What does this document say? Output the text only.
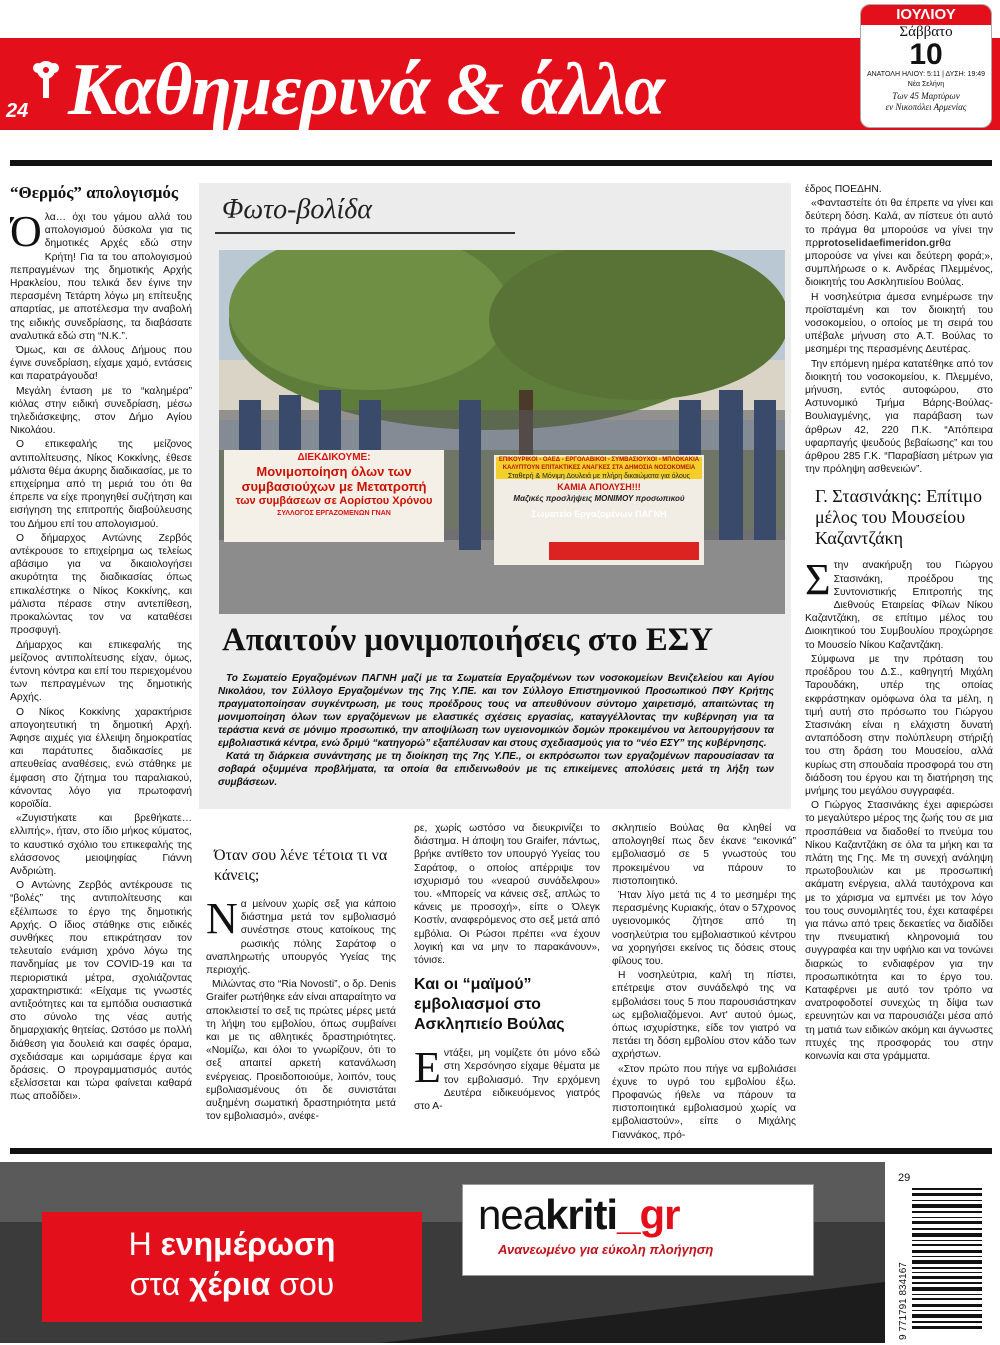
24 Καθημερινά & άλλα
ΙΟΥΛΙΟΥ
Σάββατο
10
ΑΝΑΤΟΛΗ ΗΛΙΟΥ: 5:11 | ΔΥΣΗ: 19:49
Νέα Σελήνη
Των 45 Μαρτύρων
εν Νικοπόλει Αρμενίας
“Θερμός” απολογισμός

Όλα… όχι του γάμου αλλά του απολογισμού δύσκολα για τις δημοτικές Αρχές εδώ στην Κρήτη! Για τα του απολογισμού πεπραγμένων της δημοτικής Αρχής Ηρακλείου, που τελικά δεν έγινε την περασμένη Τετάρτη λόγω μη επίτευξης απαρτίας, με αποτέλεσμα την αναβολή της ειδικής συνεδρίασης, τα διαβάσατε αναλυτικά εδώ στη “Ν.Κ.”.

Όμως, και σε άλλους Δήμους που έγινε συνεδρίαση, είχαμε χαμό, εντάσεις και παρατράγουδα!

Μεγάλη ένταση με το “καλημέρα” κιόλας στην ειδική συνεδρίαση, μέσω τηλεδιάσκεψης, στον Δήμο Αγίου Νικολάου.

Ο επικεφαλής της μείζονος αντιπολίτευσης, Νίκος Κοκκίνης, έθεσε μάλιστα θέμα άκυρης διαδικασίας, με το επιχείρημα από τη μεριά του ότι θα έπρεπε να είχε προηγηθεί συζήτηση και εισήγηση της επιτροπής διαβούλευσης του Δήμου επί του απολογισμού.

Ο δήμαρχος Αντώνης Ζερβός αντέκρουσε το επιχείρημα ως τελείως αβάσιμο για να δικαιολογήσει ακυρότητα της διαδικασίας όπως επικαλέστηκε ο Νίκος Κοκκίνης, και μάλιστα πέρασε στην αντεπίθεση, προκαλώντας τον να καταθέσει προσφυγή.

Δήμαρχος και επικεφαλής της μείζονος αντιπολίτευσης είχαν, όμως, έντονη κόντρα και επί του περιεχομένου των πεπραγμένων της δημοτικής Αρχής.

Ο Νίκος Κοκκίνης χαρακτήρισε απογοητευτική τη δημοτική Αρχή. Άφησε αιχμές για έλλειψη δημοκρατίας και παράτυπες διαδικασίες με απευθείας αναθέσεις, ενώ στάθηκε με έμφαση στο ζήτημα του παραλιακού, κάνοντας λόγο για πρωτοφανή κοροϊδία.

«Ζυγιστήκατε και βρεθήκατε… ελλιπής», ήταν, στο ίδιο μήκος κύματος, το καυστικό σχόλιο του επικεφαλής της ελάσσονος μειοψηφίας Γιάννη Ανδριώτη.

Ο Αντώνης Ζερβός αντέκρουσε τις “βολές” της αντιπολίτευσης και εξέλιπωσε το έργο της δημοτικής Αρχής. Ο ίδιος στάθηκε στις ειδικές συνθήκες που επικράτησαν τον τελευταίο ενάμιση χρόνο λόγω της πανδημίας με τον COVID-19 και τα περιοριστικά μέτρα, σχολιάζοντας χαρακτηριστικά: «Είχαμε τις γνωστές αντιξοότητες και τα εμπόδια ουσιαστικά στο σύνολο της νέας αυτής δημαρχιακής θητείας. Ωστόσο με πολλή διάθεση για δουλειά και σαφές όραμα, σχεδιάσαμε και ωριμάσαμε έργα και δράσεις. Ο προγραμματισμός αυτός εξελίσσεται και τώρα φαίνεται καθαρά πως αποδίδει».

Φωτο-βολίδα
ΔΙΕΚΔΙΚΟΥΜΕ:
Μονιμοποίηση όλων των
συμβασιούχων με Μετατροπή
των συμβάσεων σε Αορίστου Χρόνου
ΣΥΛΛΟΓΟΣ ΕΡΓΑΖΟΜΕΝΩΝ ΓΝΑΝ
ΕΠΙΚΟΥΡΙΚΟΙ - ΟΑΕΔ - ΕΡΓΟΛΑΒΙΚΟΙ - ΣΥΜΒΑΣΙΟΥΧΟΙ - ΜΠΛΟΚΑΚΙΑ
ΚΑΛΥΠΤΟΥΝ ΕΠΙΤΑΚΤΙΚΕΣ ΑΝΑΓΚΕΣ ΣΤΑ ΔΗΜΟΣΙΑ ΝΟΣΟΚΟΜΕΙΑ
Σταθερή & Μόνιμη Δουλειά με πλήρη δικαιώματα για όλους
ΚΑΜΙΑ ΑΠΟΛΥΣΗ!!!
Μαζικές προσλήψεις ΜΟΝΙΜΟΥ προσωπικού
Σωματείο Εργαζομένων ΠΑΓΝΗ
Απαιτούν μονιμοποιήσεις στο ΕΣΥ

Το Σωματείο Εργαζομένων ΠΑΓΝΗ μαζί με τα Σωματεία Εργαζομένων των νοσοκομείων Βενιζελείου και Αγίου Νικολάου, τον Σύλλογο Εργαζομένων της 7ης Υ.ΠΕ. και τον Σύλλογο Επιστημονικού Προσωπικού ΠΦΥ Κρήτης πραγματοποίησαν συγκέντρωση, με τους προέδρους τους να απευθύνουν σύντομο χαιρετισμό, απαιτώντας τη μονιμοποίηση όλων των εργαζόμενων με ελαστικές σχέσεις εργασίας, καταγγέλλοντας την κυβέρνηση για τα τεράστια κενά σε μόνιμο προσωπικό, την αποψίλωση των υγειονομικών δομών προκειμένου να λειτουργήσουν τα εμβολιαστικά κέντρα, ενώ δριμύ “κατηγορώ” εξαπέλυσαν και στους σχεδιασμούς για το “νέο ΕΣΥ” της κυβέρνησης.

Κατά τη διάρκεια συνάντησης με τη διοίκηση της 7ης Υ.ΠΕ., οι εκπρόσωποι των εργαζομένων παρουσίασαν τα σοβαρά οξυμμένα προβλήματα, τα οποία θα επιδεινωθούν με τις επικείμενες απολύσεις μετά τη λήξη των συμβάσεων.

έδρος ΠΟΕΔΗΝ.

«Φανταστείτε ότι θα έπρεπε να γίνει και δεύτερη δόση. Καλά, αν πίστευε ότι αυτό το πράγμα θα μπορούσε να γίνει την πρprotoselidaefimeridon.grθα μπορούσε να γίνει και δεύτερη φορά;», συμπλήρωσε ο κ. Ανδρέας Πλεμμένος, διοικητής του Ασκληπιείου Βούλας.

Η νοσηλεύτρια άμεσα ενημέρωσε την προϊσταμένη και τον διοικητή του νοσοκομείου, ο οποίος με τη σειρά του υπέβαλε μήνυση στο Α.Τ. Βούλας το μεσημέρι της περασμένης Δευτέρας.

Την επόμενη ημέρα κατατέθηκε από τον διοικητή του νοσοκομείου, κ. Πλεμμένο, μήνυση, εντός αυτοφώρου, στο Αστυνομικό Τμήμα Βάρης-Βούλας-Βουλιαγμένης, για παράβαση των άρθρων 42, 220 Π.Κ. “Απόπειρα υφαρπαγής ψευδούς βεβαίωσης” και του άρθρου 285 Γ.Κ. “Παραβίαση μέτρων για την πρόληψη ασθενειών”.

Γ. Στασινάκης: Επίτιμο μέλος του Μουσείου Καζαντζάκη

Στην ανακήρυξη του Γιώργου Στασινάκη, προέδρου της Συντονιστικής Επιτροπής της Διεθνούς Εταιρείας Φίλων Νίκου Καζαντζάκη, σε επίτιμο μέλος του Διοικητικού του Συμβουλίου προχώρησε το Μουσείο Νίκου Καζαντζάκη.

Σύμφωνα με την πρόταση του προέδρου του Δ.Σ., καθηγητή Μιχάλη Ταρουδάκη, υπέρ της οποίας εκφράστηκαν ομόφωνα όλα τα μέλη, η τιμή αυτή στο πρόσωπο του Γιώργου Στασινάκη είναι η ελάχιστη δυνατή ανταπόδοση στην πολύπλευρη στήριξή του στη δράση του Μουσείου, αλλά κυρίως στη σπουδαία προσφορά του στη διάδοση του έργου και τη διατήρηση της μνήμης του μεγάλου συγγραφέα.

Ο Γιώργος Στασινάκης έχει αφιερώσει το μεγαλύτερο μέρος της ζωής του σε μια προσπάθεια να διαδοθεί το πνεύμα του Νίκου Καζαντζάκη σε όλα τα μήκη και τα πλάτη της Γης. Με τη συνεχή ανάληψη πρωτοβουλιών και με προσωπική ακάματη ενέργεια, αλλά ταυτόχρονα και με το χάρισμα να εμπνέει με τον λόγο του τους συνομιλητές του, έχει καταφέρει για πάνω από τρεις δεκαετίες να διαδίδει την πνευματική κληρονομιά του συγγραφέα και την υφήλιο και να τονώνει διαρκώς το ενδιαφέρον για την προσωπικότητα και το έργο του. Καταφέρνει με αυτό τον τρόπο να ανατροφοδοτεί συνεχώς τη δίψα των ερευνητών και να παρουσιάζει μέσα από τη ματιά των ειδικών ακόμη και άγνωστες πτυχές της προσφοράς του στην κοινωνία και στα γράμματα.

Όταν σου λένε τέτοια τι να κάνεις;

Να μείνουν χωρίς σεξ για κάποιο διάστημα μετά τον εμβολιασμό συνέστησε στους κατοίκους της ρωσικής πόλης Σαράτοφ ο αναπληρωτής υπουργός Υγείας της περιοχής.

Μιλώντας στο “Ria Novosti”, ο δρ. Denis Graifer ρωτήθηκε εάν είναι απαραίτητο να αποκλειστεί το σεξ τις πρώτες μέρες μετά τη λήψη του εμβολίου, όπως συμβαίνει και με τις αθλητικές δραστηριότητες. «Νομίζω, και όλοι το γνωρίζουν, ότι το σεξ απαιτεί αρκετή κατανάλωση ενέργειας. Προειδοποιούμε, λοιπόν, τους εμβολιασμένους ότι δε συνιστάται αυξημένη σωματική δραστηριότητα μετά τον εμβολιασμό», ανέφε-

ρε, χωρίς ωστόσο να διευκρινίζει το διάστημα. Η άποψη του Graifer, πάντως, βρήκε αντίθετο τον υπουργό Υγείας του Σαράτοφ, ο οποίος απέρριψε τον ισχυρισμό του «νεαρού συνάδελφου» του. «Μπορείς να κάνεις σεξ, απλώς το κάνεις με προσοχή», είπε ο Όλεγκ Κοστίν, αναφερόμενος στο σεξ μετά από εμβόλια. Οι Ρώσοι πρέπει «να έχουν λογική και να μην το παρακάνουν», τόνισε.

Και οι “μαϊμού” εμβολιασμοί στο Ασκληπιείο Βούλας

Εντάξει, μη νομίζετε ότι μόνο εδώ στη Χερσόνησο είχαμε θέματα με τον εμβολιασμό. Την ερχόμενη Δευτέρα ειδικευόμενος γιατρός στο Α-

σκληπιείο Βούλας θα κληθεί να απολογηθεί πως δεν έκανε “εικονικά” εμβολιασμό σε 5 γνωστούς του προκειμένου να πάρουν το πιστοποιητικό.

Ήταν λίγο μετά τις 4 το μεσημέρι της περασμένης Κυριακής, όταν ο 57χρονος υγειονομικός ζήτησε από τη νοσηλεύτρια του εμβολιαστικού κέντρου να χορηγήσει εκείνος τις δόσεις στους φίλους του.

Η νοσηλεύτρια, καλή τη πίστει, επέτρεψε στον συνάδελφό της να εμβολιάσει τους 5 που παρουσιάστηκαν ως εμβολιαζόμενοι. Αντ' αυτού όμως, όπως ισχυρίστηκε, είδε τον γιατρό να πετάει τη δόση εμβολίου στον κάδο των αχρήστων.

«Στον πρώτο που πήγε να εμβολιάσει έχυνε το υγρό του εμβολίου έξω. Προφανώς ήθελε να πάρουν τα πιστοποιητικά εμβολιασμού χωρίς να εμβολιαστούν», είπε ο Μιχάλης Γιαννάκος, πρό-

Η ενημέρωση
στα χέρια σου
neakriti_gr
Ανανεωμένο για εύκολη πλοήγηση
29
9 771791 834167
